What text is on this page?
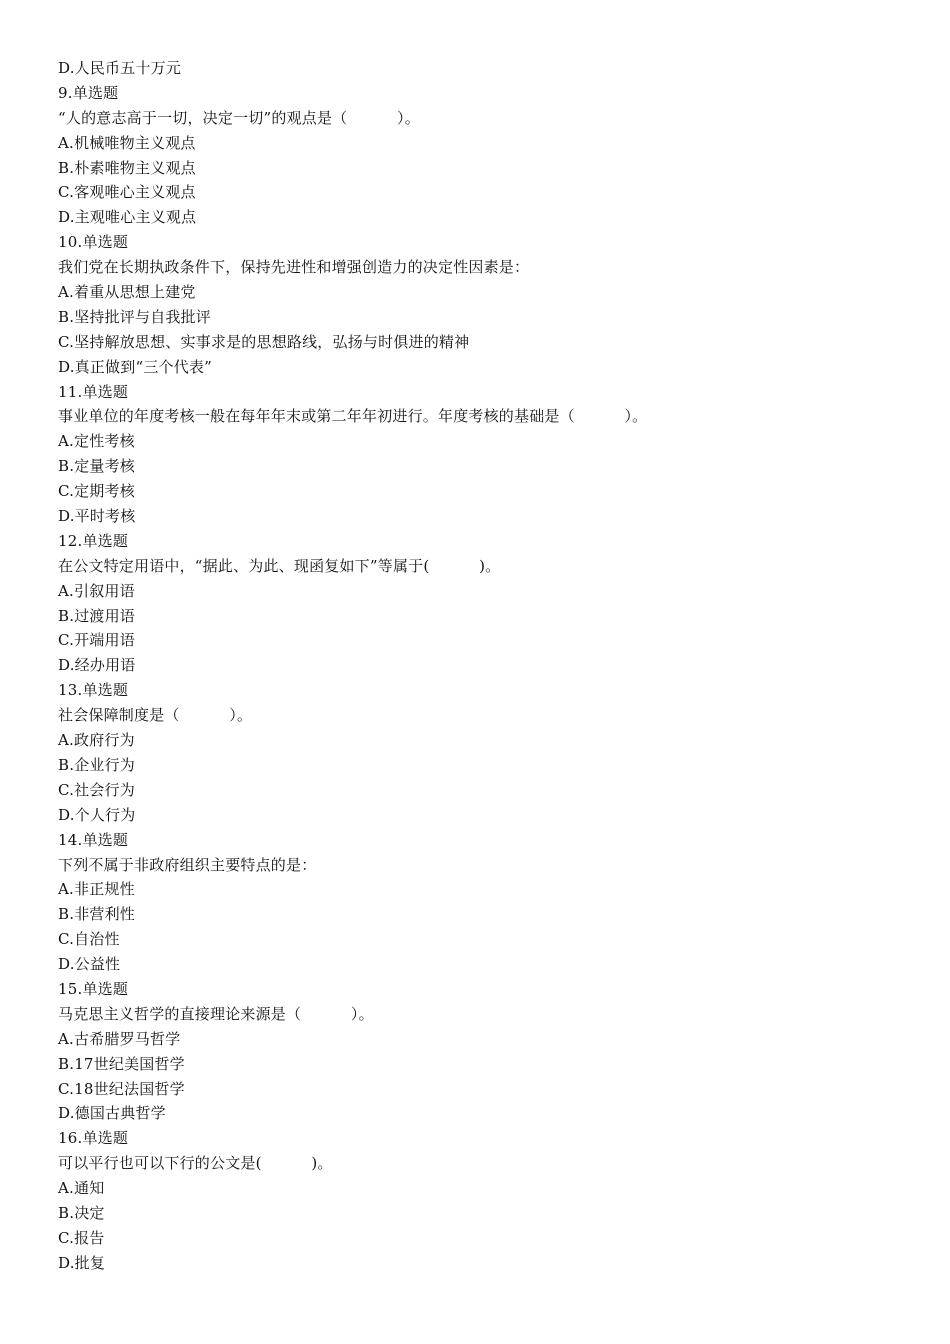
D.人民币五十万元
9.单选题
“人的意志高于一切，决定一切”的观点是（          ）。
A.机械唯物主义观点
B.朴素唯物主义观点
C.客观唯心主义观点
D.主观唯心主义观点
10.单选题
我们党在长期执政条件下，保持先进性和增强创造力的决定性因素是：
A.着重从思想上建党
B.坚持批评与自我批评
C.坚持解放思想、实事求是的思想路线，弘扬与时俱进的精神
D.真正做到“三个代表”
11.单选题
事业单位的年度考核一般在每年年末或第二年年初进行。年度考核的基础是（          ）。
A.定性考核
B.定量考核
C.定期考核
D.平时考核
12.单选题
在公文特定用语中，“据此、为此、现函复如下”等属于(          )。
A.引叙用语
B.过渡用语
C.开端用语
D.经办用语
13.单选题
社会保障制度是（          ）。
A.政府行为
B.企业行为
C.社会行为
D.个人行为
14.单选题
下列不属于非政府组织主要特点的是：
A.非正规性
B.非营利性
C.自治性
D.公益性
15.单选题
马克思主义哲学的直接理论来源是（          ）。
A.古希腊罗马哲学
B.17世纪美国哲学
C.18世纪法国哲学
D.德国古典哲学
16.单选题
可以平行也可以下行的公文是(          )。
A.通知
B.决定
C.报告
D.批复
